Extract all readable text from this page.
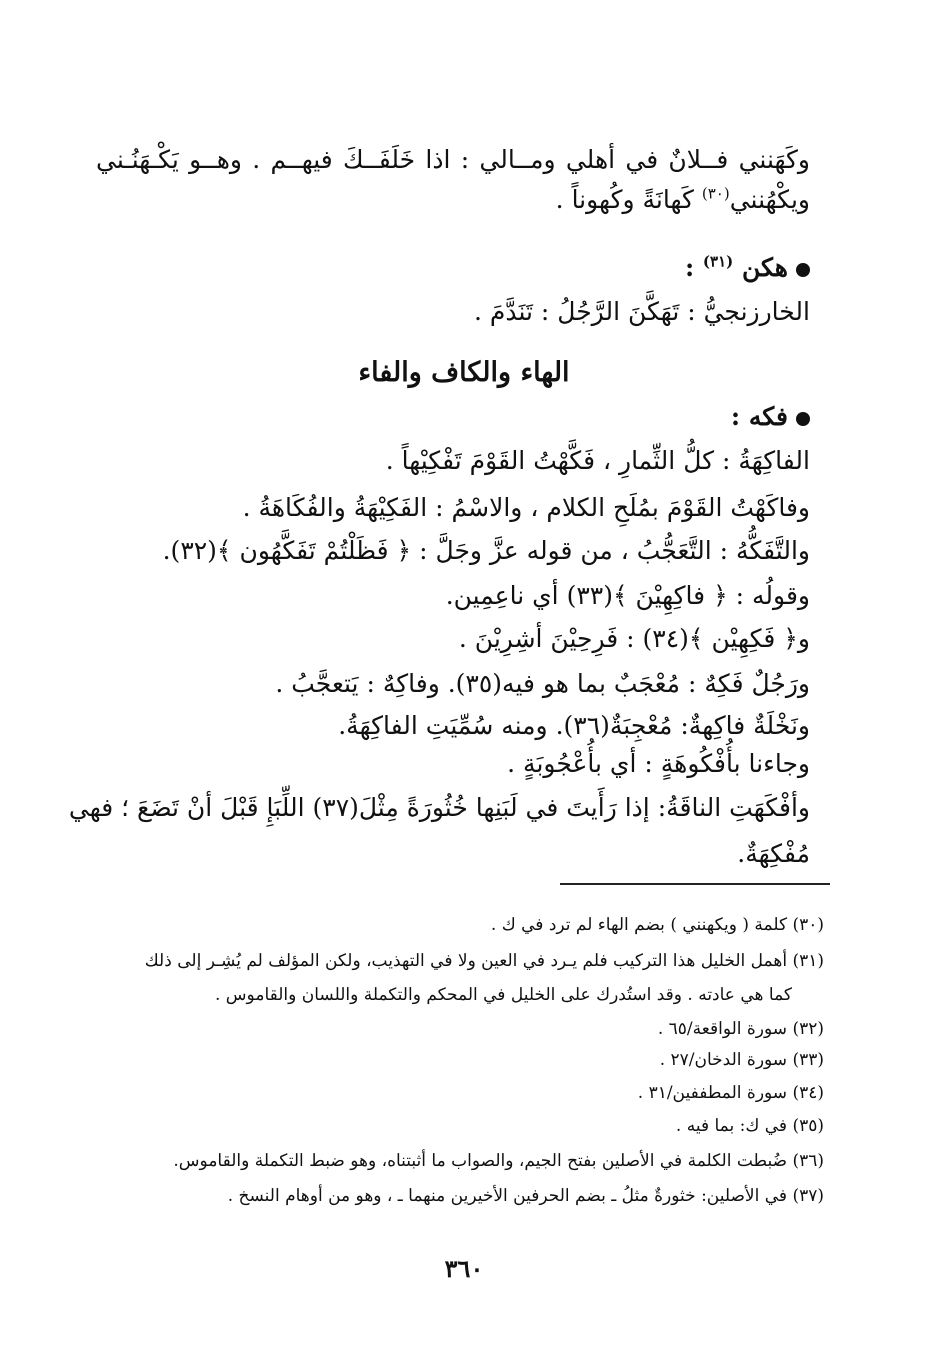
وكَهَنني فــلانٌ في أهلي ومــالي : اذا خَلَفَــكَ فيهــم . وهــو يَكْـهَنُـني
ويكْهُنني$^{(٣٠)}$ كَهانَةً وكُهوناً .
هكن $^{(٣١)}$ :
الخارزنجيُّ : تَهَكَّنَ الرَّجُلُ : تَنَدَّمَ .
الهاء والكاف والفاء
فكه :
الفاكِهَةُ : كلُّ الثِّمارِ ، فَكَّهْتُ القَوْمَ تَفْكِيْهاً .
وفاكَهْتُ القَوْمَ بمُلَحِ الكلام ، والاسْمُ : الفَكِيْهَةُ والفُكَاهَةُ .
والتَّفَكُّهُ : التَّعَجُّبُ ، من قوله عزَّ وجَلَّ : ﴿ فَظَلْتُمْ تَفَكَّهُون ﴾(٣٢).
وقولُه : ﴿ فاكِهِيْنَ ﴾(٣٣) أي ناعِمِين.
و﴿ فَكِهِيْن ﴾(٣٤) : فَرِحِيْنَ أشِرِيْنَ .
ورَجُلٌ فَكِهٌ : مُعْجَبٌ بما هو فيه(٣٥). وفاكِهٌ : يَتعجَّبُ .
ونَخْلَةٌ فاكِهةٌ: مُعْجِبَةٌ(٣٦). ومنه سُمِّيَتِ الفاكِهَةُ.
وجاءنا بأُفْكُوهَةٍ : أي بأُعْجُوبَةٍ .
وأفْكَهَتِ الناقَةُ: إذا رَأَيتَ في لَبَنِها خُثُورَةً مِثْلَ(٣٧) اللِّبَإِ قَبْلَ أنْ تَضَعَ ؛ فهي
مُفْكِهَةٌ.
(٣٠) كلمة ( ويكهنني ) بضم الهاء لم ترد في ك .
(٣١) أهمل الخليل هذا التركيب فلم يـرد في العين ولا في التهذيب، ولكن المؤلف لم يُشِـر إلى ذلك
كما هي عادته . وقد استُدرك على الخليل في المحكم والتكملة واللسان والقاموس .
(٣٢) سورة الواقعة/٦٥ .
(٣٣) سورة الدخان/٢٧ .
(٣٤) سورة المطففين/٣١ .
(٣٥) في ك: بما فيه .
(٣٦) ضُبطت الكلمة في الأصلين بفتح الجيم، والصواب ما أثبتناه، وهو ضبط التكملة والقاموس.
(٣٧) في الأصلين: خثورةٌ مثلُ ـ بضم الحرفين الأخيرين منهما ـ ، وهو من أوهام النسخ .
٣٦٠
